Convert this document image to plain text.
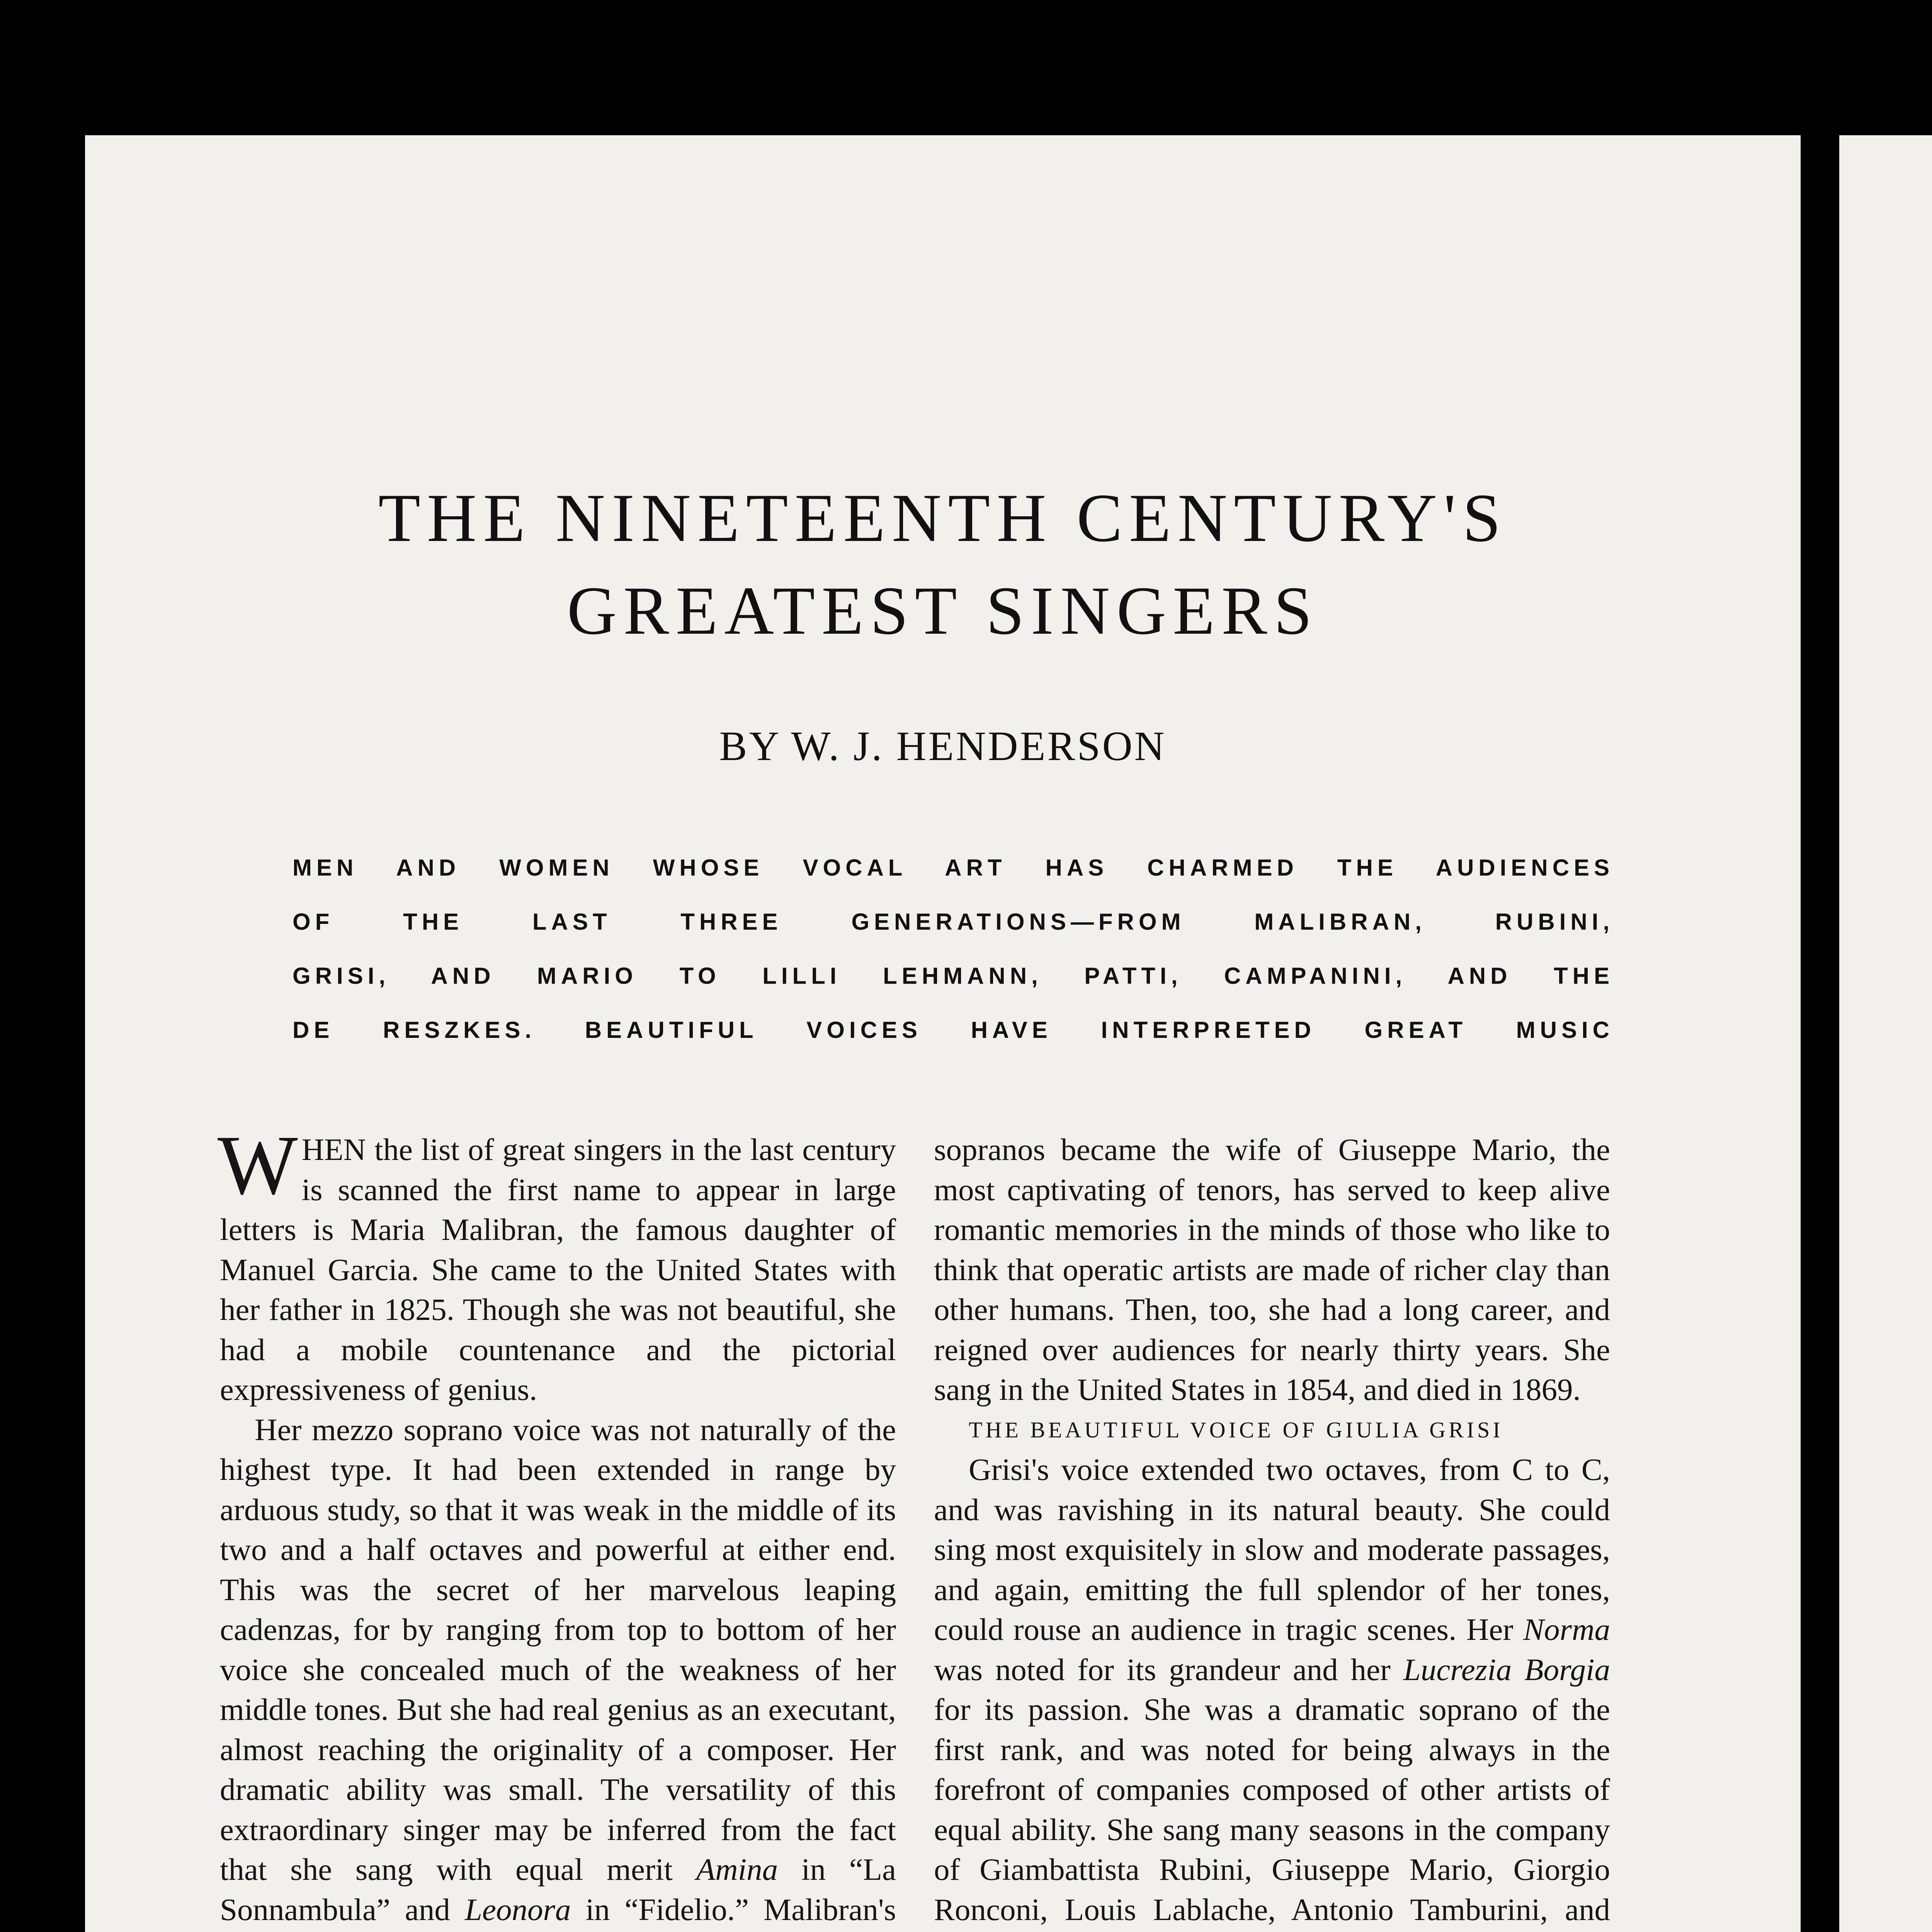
THE NINETEENTH CENTURY'S
GREATEST SINGERS
BY W. J. HENDERSON
MEN AND WOMEN WHOSE VOCAL ART HAS CHARMED THE AUDIENCES
OF THE LAST THREE GENERATIONS—FROM MALIBRAN, RUBINI,
GRISI, AND MARIO TO LILLI LEHMANN, PATTI, CAMPANINI, AND THE
DE RESZKES. BEAUTIFUL VOICES HAVE INTERPRETED GREAT MUSIC

WHEN the list of great singers in the last century is scanned the first name to appear in large letters is Maria Malibran, the famous daughter of Manuel Garcia. She came to the United States with her father in 1825. Though she was not beautiful, she had a mobile countenance and the pictorial expressiveness of genius.

Her mezzo soprano voice was not naturally of the highest type. It had been extended in range by arduous study, so that it was weak in the middle of its two and a half octaves and powerful at either end. This was the secret of her marvelous leaping cadenzas, for by ranging from top to bottom of her voice she concealed much of the weakness of her middle tones. But she had real genius as an executant, almost reaching the originality of a composer. Her dramatic ability was small. The versatility of this extraordinary singer may be inferred from the fact that she sang with equal merit Amina in “La Sonnambula” and Leonora in “Fidelio.” Malibran's

sopranos became the wife of Giuseppe Mario, the most captivating of tenors, has served to keep alive romantic memories in the minds of those who like to think that operatic artists are made of richer clay than other humans. Then, too, she had a long career, and reigned over audiences for nearly thirty years. She sang in the United States in 1854, and died in 1869.

THE BEAUTIFUL VOICE OF GIULIA GRISI

Grisi's voice extended two octaves, from C to C, and was ravishing in its natural beauty. She could sing most exquisitely in slow and moderate passages, and again, emitting the full splendor of her tones, could rouse an audience in tragic scenes. Her Norma was noted for its grandeur and her Lucrezia Borgia for its passion. She was a dramatic soprano of the first rank, and was noted for being always in the forefront of companies composed of other artists of equal ability. She sang many seasons in the company of Giambattista Rubini, Giuseppe Mario, Giorgio Ronconi, Louis Lablache, Antonio Tamburini, and
